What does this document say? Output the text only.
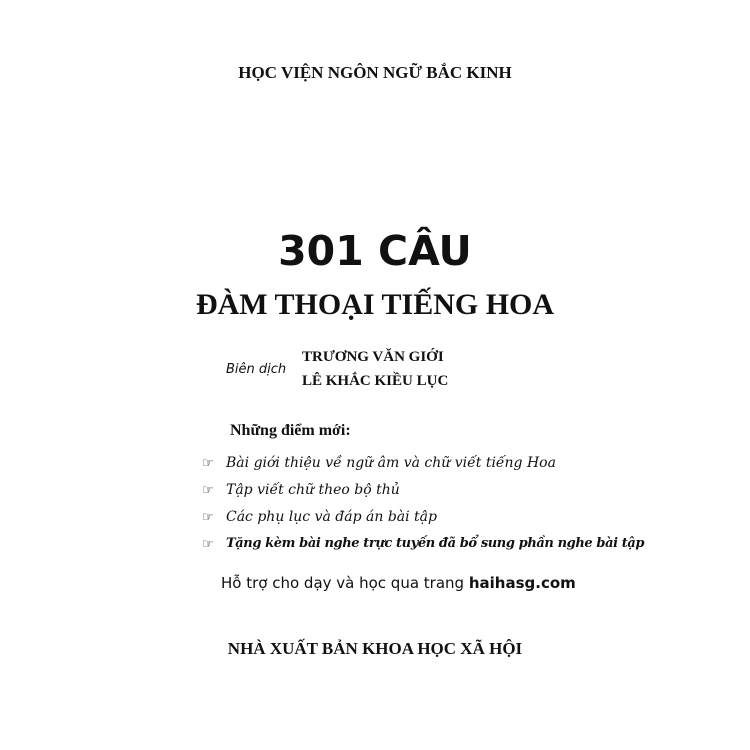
HỌC VIỆN NGÔN NGỮ BẮC KINH
301 CÂU
ĐÀM THOẠI TIẾNG HOA
Biên dịch
TRƯƠNG VĂN GIỚI
LÊ KHẮC KIỀU LỤC
Những điểm mới:
☞ Bài giới thiệu về ngữ âm và chữ viết tiếng Hoa
☞ Tập viết chữ theo bộ thủ
☞ Các phụ lục và đáp án bài tập
☞ Tặng kèm bài nghe trực tuyến đã bổ sung phần nghe bài tập
Hỗ trợ cho dạy và học qua trang haihasg.com
NHÀ XUẤT BẢN KHOA HỌC XÃ HỘI
